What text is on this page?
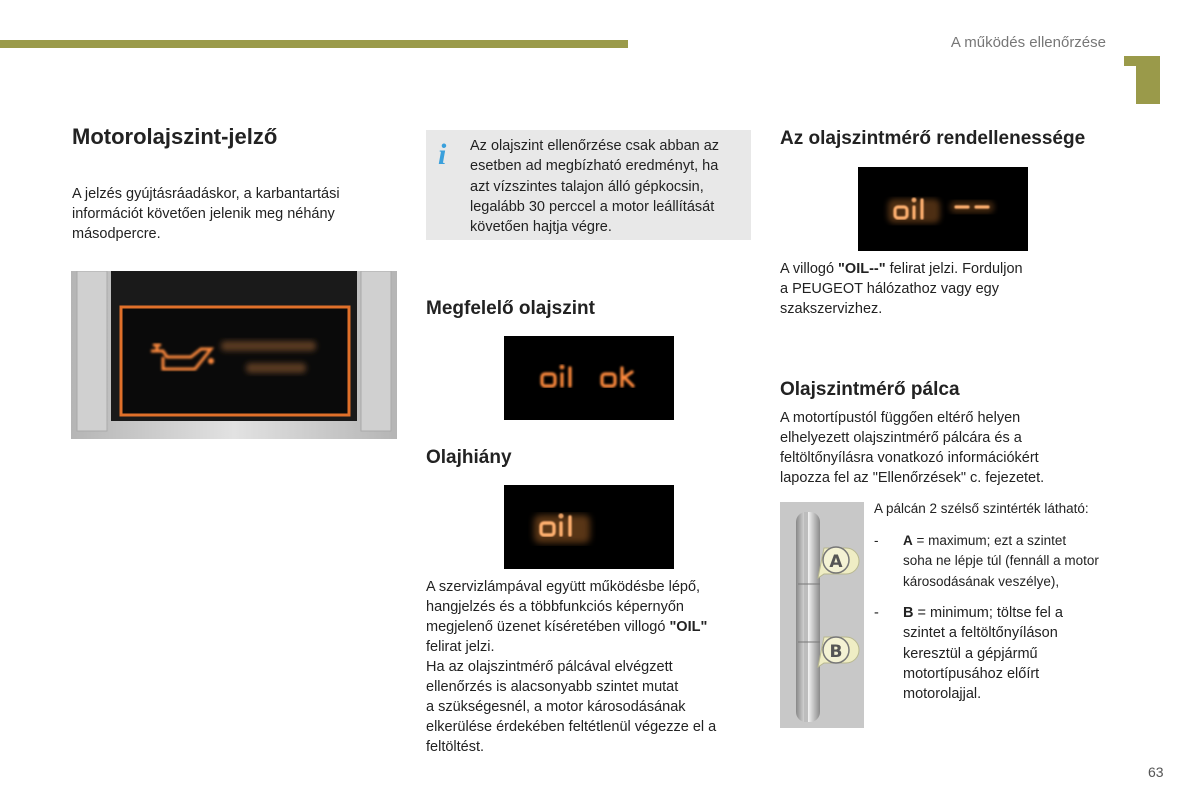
A működés ellenőrzése
Motorolajszint-jelző

A jelzés gyújtásráadáskor, a karbantartási

információt követően jelenik meg néhány

másodpercre.

i Az olajszint ellenőrzése csak abban az
esetben ad megbízható eredményt, ha
azt vízszintes talajon álló gépkocsin,
legalább 30 perccel a motor leállítását
követően hajtja végre.
Megfelelő olajszint
Olajhiány

A szervizlámpával együtt működésbe lépő,

hangjelzés és a többfunkciós képernyőn

megjelenő üzenet kíséretében villogó "OIL"

felirat jelzi.

Ha az olajszintmérő pálcával elvégzett

ellenőrzés is alacsonyabb szintet mutat

a szükségesnél, a motor károsodásának

elkerülése érdekében feltétlenül végezze el a

feltöltést.

Az olajszintmérő rendellenessége

A villogó "OIL--" felirat jelzi. Forduljon

a PEUGEOT hálózathoz vagy egy

szakszervizhez.

Olajszintmérő pálca

A motortípustól függően eltérő helyen

elhelyezett olajszintmérő pálcára és a

feltöltőnyílásra vonatkozó információkért

lapozza fel az "Ellenőrzések" c. fejezetet.

A
B

A pálcán 2 szélső szintérték látható:

- A = maximum; ezt a szintet
soha ne lépje túl (fennáll a motor
károsodásának veszélye),
- B = minimum; töltse fel a
szintet a feltöltőnyíláson
keresztül a gépjármű
motortípusához előírt
motorolajjal.
63
